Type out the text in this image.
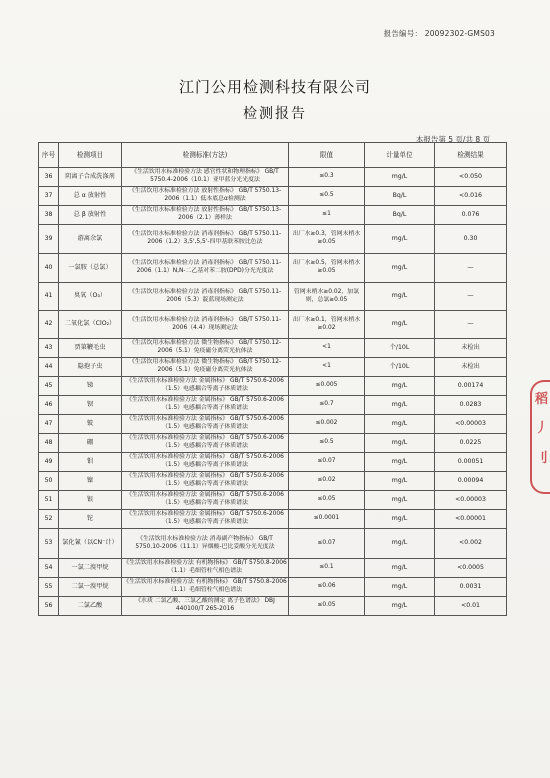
报告编号： 20092302-GMS03
江门公用检测科技有限公司
检测报告
本报告第 5 页/共 8 页
序号	检测项目	检测标准(方法)	限值	计量单位	检测结果
36	阴离子合成洗涤剂	《生活饮用水标准检验方法 感官性状和物理指标》 GB/T 5750.4-2006（10.1）亚甲蓝分光光度法	≤0.3	mg/L	<0.050
37	总 α 放射性	《生活饮用水标准检验方法 放射性指标》 GB/T 5750.13-2006（1.1）低本底总α检测法	≤0.5	Bq/L	<0.016
38	总 β 放射性	《生活饮用水标准检验方法 放射性指标》 GB/T 5750.13-2006（2.1）薄样法	≤1	Bq/L	0.076
39	游离余氯	《生活饮用水标准检验方法 消毒剂指标》 GB/T 5750.11-2006（1.2）3,5',5,5'-四甲基联苯胺比色法	出厂水≥0.3，管网末梢水≥0.05	mg/L	0.30
40	一氯胺（总氯）	《生活饮用水标准检验方法 消毒剂指标》 GB/T 5750.11-2006（1.1）N,N-二乙基对苯二胺(DPD)分光光度法	出厂水≥0.5，管网末梢水≥0.05	mg/L	—
41	臭氧（O₃）	《生活饮用水标准检验方法 消毒剂指标》 GB/T 5750.11-2006（5.3）靛蓝现场测定法	管网末梢水≥0.02，加氯则，总氯≥0.05	mg/L	—
42	二氧化氯（ClO₂）	《生活饮用水标准检验方法 消毒剂指标》 GB/T 5750.11-2006（4.4）现场测定法	出厂水≥0.1，管网末梢水≥0.02	mg/L	—
43	贾第鞭毛虫	《生活饮用水标准检验方法 微生物指标》 GB/T 5750.12-2006（5.1）免疫磁分离荧光抗体法	<1	个/10L	未检出
44	隐孢子虫	《生活饮用水标准检验方法 微生物指标》 GB/T 5750.12-2006（5.1）免疫磁分离荧光抗体法	<1	个/10L	未检出
45	锑	《生活饮用水标准检验方法 金属指标》 GB/T 5750.6-2006（1.5）电感耦合等离子体质谱法	≤0.005	mg/L	0.00174
46	钡	《生活饮用水标准检验方法 金属指标》 GB/T 5750.6-2006（1.5）电感耦合等离子体质谱法	≤0.7	mg/L	0.0283
47	铍	《生活饮用水标准检验方法 金属指标》 GB/T 5750.6-2006（1.5）电感耦合等离子体质谱法	≤0.002	mg/L	<0.00003
48	硼	《生活饮用水标准检验方法 金属指标》 GB/T 5750.6-2006（1.5）电感耦合等离子体质谱法	≤0.5	mg/L	0.0225
49	钼	《生活饮用水标准检验方法 金属指标》 GB/T 5750.6-2006（1.5）电感耦合等离子体质谱法	≤0.07	mg/L	0.00051
50	镍	《生活饮用水标准检验方法 金属指标》 GB/T 5750.6-2006（1.5）电感耦合等离子体质谱法	≤0.02	mg/L	0.00094
51	银	《生活饮用水标准检验方法 金属指标》 GB/T 5750.6-2006（1.5）电感耦合等离子体质谱法	≤0.05	mg/L	<0.00003
52	铊	《生活饮用水标准检验方法 金属指标》 GB/T 5750.6-2006（1.5）电感耦合等离子体质谱法	≤0.0001	mg/L	<0.00001
53	氯化氰（以CN⁻计）	《生活饮用水标准检验方法 消毒副产物指标》 GB/T 5750.10-2006（11.1）异烟酸-巴比妥酸分光光度法	≤0.07	mg/L	<0.002
54	一氯二溴甲烷	《生活饮用水标准检验方法 有机物指标》 GB/T 5750.8-2006（1.1）毛细管柱气相色谱法	≤0.1	mg/L	<0.0005
55	二氯一溴甲烷	《生活饮用水标准检验方法 有机物指标》 GB/T 5750.8-2006（1.1）毛细管柱气相色谱法	≤0.06	mg/L	0.0031
56	二氯乙酸	《水质 二氯乙酸、三氯乙酸的测定 离子色谱法》 DBJ 440100/T 265-2016	≤0.05	mg/L	<0.01
稻
丿
刂
